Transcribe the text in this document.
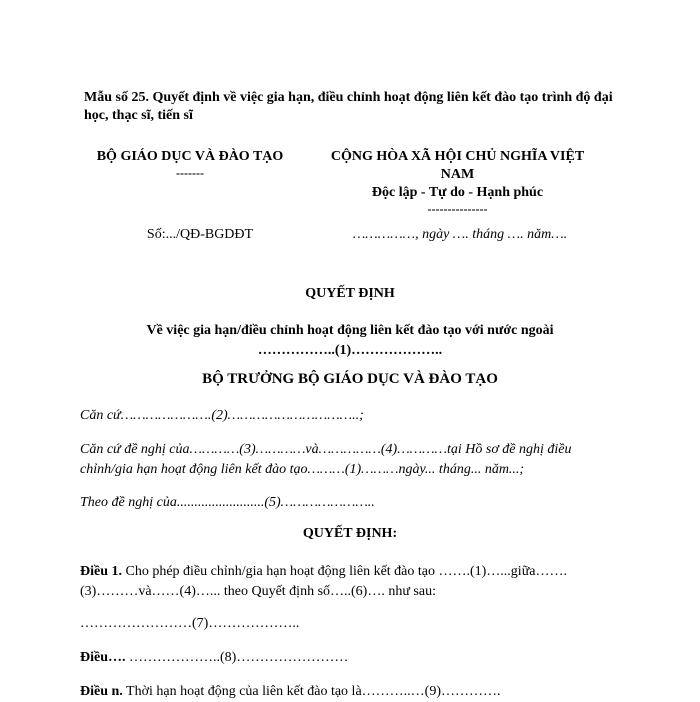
Mẫu số 25. Quyết định về việc gia hạn, điều chỉnh hoạt động liên kết đào tạo trình độ đại học, thạc sĩ, tiến sĩ
BỘ GIÁO DỤC VÀ ĐÀO TẠO
-------
CỘNG HÒA XÃ HỘI CHỦ NGHĨA VIỆT
NAM
Độc lập - Tự do - Hạnh phúc
---------------
Số:.../QĐ-BGDĐT	……………, ngày …. tháng …. năm….
QUYẾT ĐỊNH
Về việc gia hạn/điều chỉnh hoạt động liên kết đào tạo với nước ngoài
……………..(1)………………..
BỘ TRƯỞNG BỘ GIÁO DỤC VÀ ĐÀO TẠO
Căn cứ………………….(2)…………………………..;
Căn cứ đề nghị của…………(3)…………và……………(4)…………tại Hồ sơ đề nghị điều chỉnh/gia hạn hoạt động liên kết đào tạo………(1)………ngày... tháng... năm...;
Theo đề nghị của.........................(5)…………………..
QUYẾT ĐỊNH:
Điều 1. Cho phép điều chỉnh/gia hạn hoạt động liên kết đào tạo …….(1)…...giữa…….(3)………và……(4)…... theo Quyết định số…..(6)…. như sau:
……………………(7)………………..
Điều…. ………………..(8)……………………
Điều n. Thời hạn hoạt động của liên kết đào tạo là………..…(9)………….
